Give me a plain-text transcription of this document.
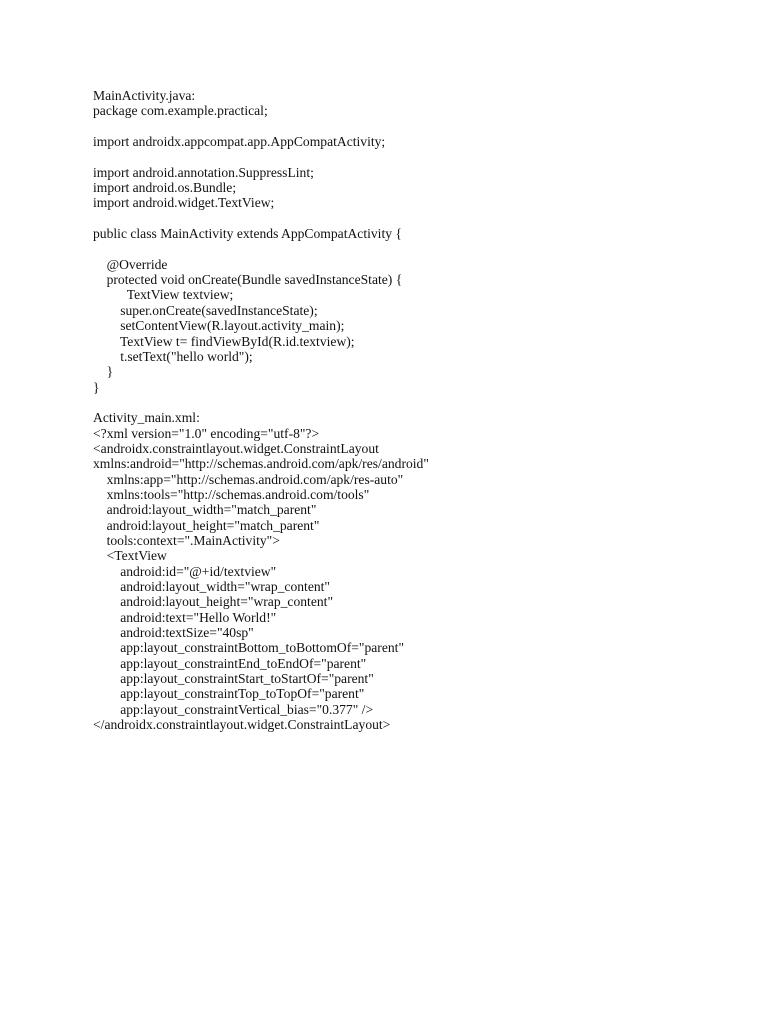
MainActivity.java:
package com.example.practical;
import androidx.appcompat.app.AppCompatActivity;
import android.annotation.SuppressLint;
import android.os.Bundle;
import android.widget.TextView;
public class MainActivity extends AppCompatActivity {
@Override
protected void onCreate(Bundle savedInstanceState) {
TextView textview;
super.onCreate(savedInstanceState);
setContentView(R.layout.activity_main);
TextView t= findViewById(R.id.textview);
t.setText("hello world");
}
}
Activity_main.xml:
<?xml version="1.0" encoding="utf-8"?>
<androidx.constraintlayout.widget.ConstraintLayout
xmlns:android="http://schemas.android.com/apk/res/android"
xmlns:app="http://schemas.android.com/apk/res-auto"
xmlns:tools="http://schemas.android.com/tools"
android:layout_width="match_parent"
android:layout_height="match_parent"
tools:context=".MainActivity">
<TextView
android:id="@+id/textview"
android:layout_width="wrap_content"
android:layout_height="wrap_content"
android:text="Hello World!"
android:textSize="40sp"
app:layout_constraintBottom_toBottomOf="parent"
app:layout_constraintEnd_toEndOf="parent"
app:layout_constraintStart_toStartOf="parent"
app:layout_constraintTop_toTopOf="parent"
app:layout_constraintVertical_bias="0.377" />
</androidx.constraintlayout.widget.ConstraintLayout>
